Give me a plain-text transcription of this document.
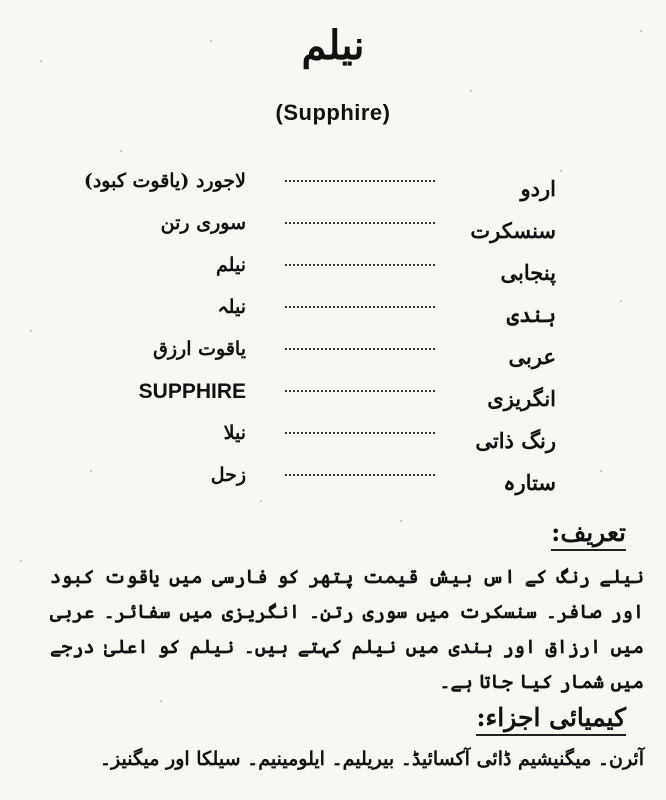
نیلم
(Supphire)
اردو
لاجورد (یاقوت کبود)
سنسکرت
سوری رتن
پنجابی
نیلم
ہندی
نیلہ
عربی
یاقوت ارزق
انگریزی
SUPPHIRE
رنگ ذاتی
نیلا
ستارہ
زحل
تعریف:
نیلے رنگ کے اس بیش قیمت پتھر کو فارسی میں یاقوت کبود اور صافر۔ سنسکرت میں سوری رتن۔ انگریزی میں سفائر۔ عربی میں ارزاق اور ہندی میں نیلم کہتے ہیں۔ نیلم کو اعلیٰ درجے میں شمار کیا جاتا ہے۔
کیمیائی اجزاء:
آئرن۔ میگنیشیم ڈائی آکسائیڈ۔ بیریلیم۔ ایلومینیم۔ سیلکا اور میگنیز۔
